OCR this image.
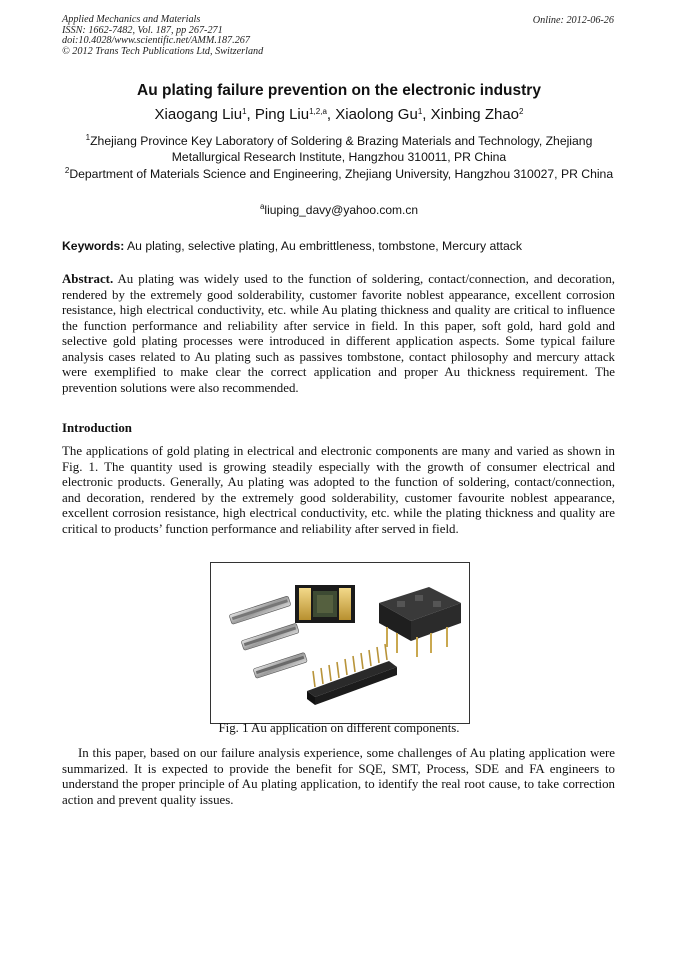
Applied Mechanics and Materials
ISSN: 1662-7482, Vol. 187, pp 267-271
doi:10.4028/www.scientific.net/AMM.187.267
© 2012 Trans Tech Publications Ltd, Switzerland
Online: 2012-06-26
Au plating failure prevention on the electronic industry
Xiaogang Liu$^1$, Ping Liu$^{1,2,a}$, Xiaolong Gu$^1$, Xinbing Zhao$^2$
$^1$Zhejiang Province Key Laboratory of Soldering & Brazing Materials and Technology, Zhejiang Metallurgical Research Institute, Hangzhou 310011, PR China
$^2$Department of Materials Science and Engineering, Zhejiang University, Hangzhou 310027, PR China
$^a$liuping_davy@yahoo.com.cn
Keywords: Au plating, selective plating, Au embrittleness, tombstone, Mercury attack
Abstract. Au plating was widely used to the function of soldering, contact/connection, and decoration, rendered by the extremely good solderability, customer favorite noblest appearance, excellent corrosion resistance, high electrical conductivity, etc. while Au plating thickness and quality are critical to influence the function performance and reliability after service in field. In this paper, soft gold, hard gold and selective gold plating processes were introduced in different application aspects. Some typical failure analysis cases related to Au plating such as passives tombstone, contact philosophy and mercury attack were exemplified to make clear the correct application and proper Au thickness requirement. The prevention solutions were also recommended.
Introduction
The applications of gold plating in electrical and electronic components are many and varied as shown in Fig. 1. The quantity used is growing steadily especially with the growth of consumer electrical and electronic products. Generally, Au plating was adopted to the function of soldering, contact/connection, and decoration, rendered by the extremely good solderability, customer favourite noblest appearance, excellent corrosion resistance, high electrical conductivity, etc. while the plating thickness and quality are critical to products’ function performance and reliability after served in field.
Fig. 1 Au application on different components.
In this paper, based on our failure analysis experience, some challenges of Au plating application were summarized. It is expected to provide the benefit for SQE, SMT, Process, SDE and FA engineers to understand the proper principle of Au plating application, to identify the real root cause, to take correction action and prevent quality issues.
